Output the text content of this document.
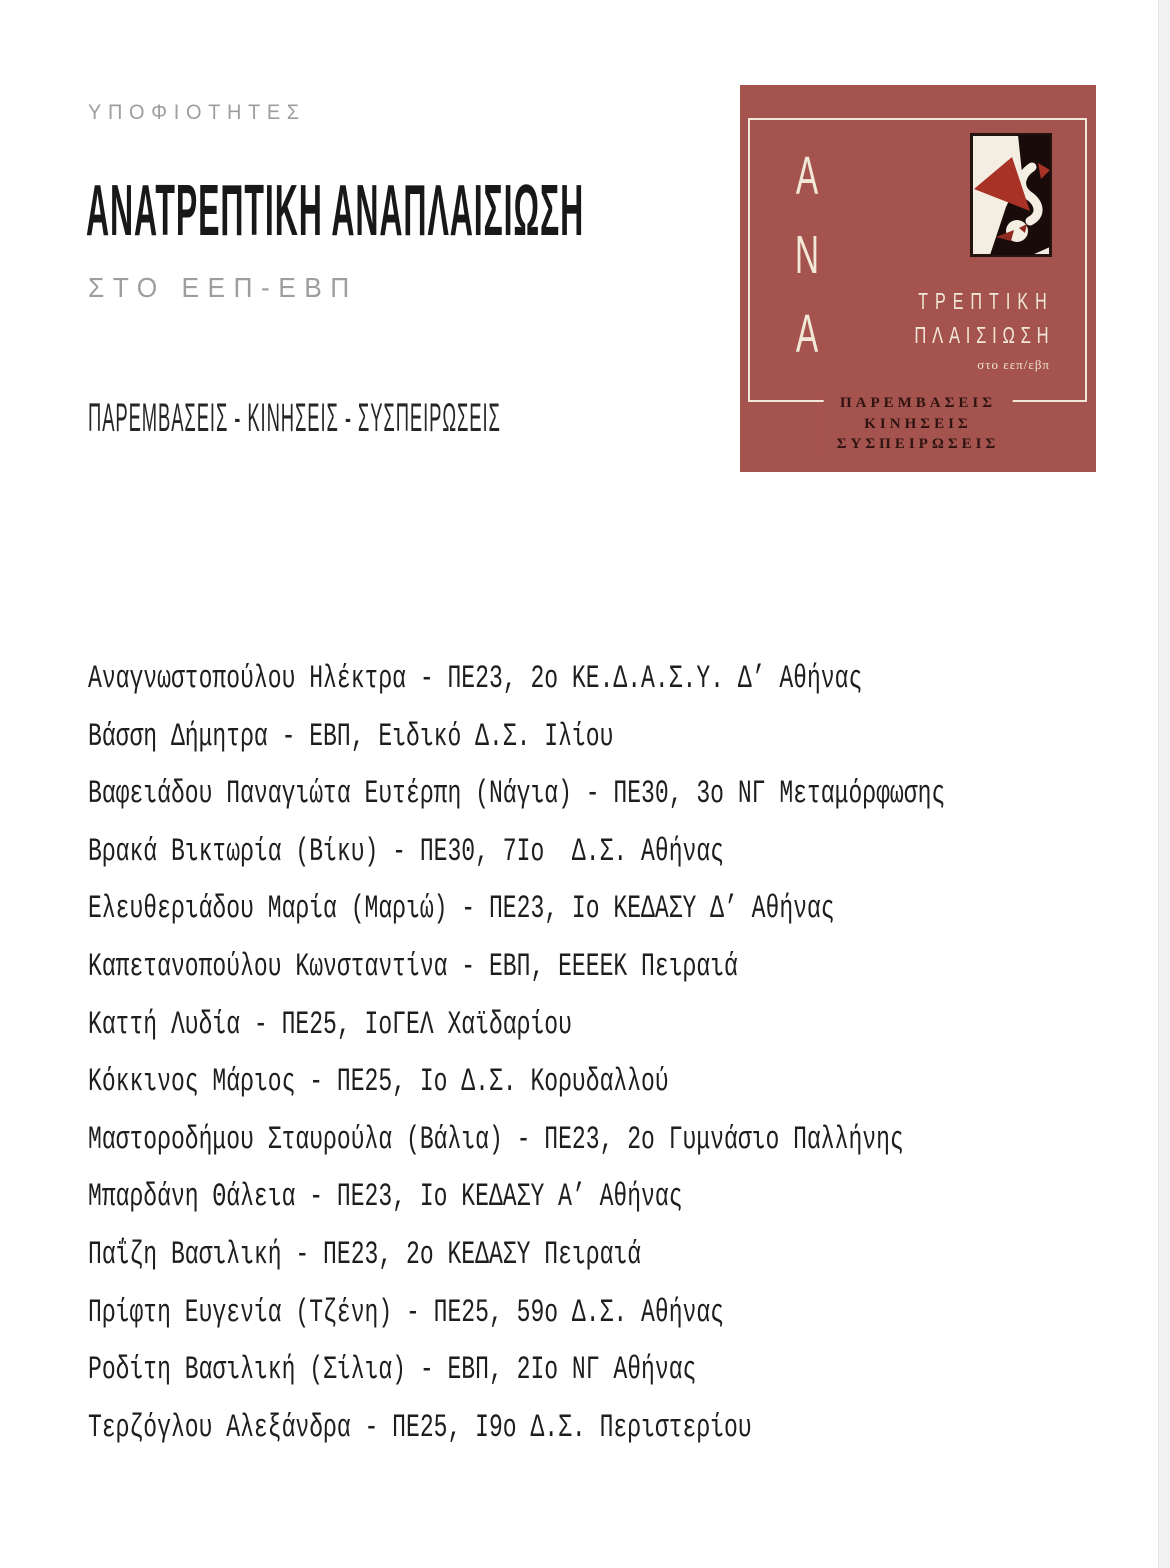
ΥΠΟΦΙΟΤΗΤΕΣ
ΑΝΑΤΡΕΠΤΙΚΗ ΑΝΑΠΛΑΙΣΙΩΣΗ
ΣΤΟ ΕΕΠ-ΕΒΠ
ΠΑΡΕΜΒΑΣΕΙΣ - ΚΙΝΗΣΕΙΣ - ΣΥΣΠΕΙΡΩΣΕΙΣ
Α
Ν
Α
ΤΡΕΠΤΙΚΗ
ΠΛΑΙΣΙΩΣΗ
στο εεπ/εβπ
ΠΑΡΕΜΒΑΣΕΙΣ
ΚΙΝΗΣΕΙΣ
ΣΥΣΠΕΙΡΩΣΕΙΣ
Αναγνωστοπούλου Ηλέκτρα - ΠΕ23, 2ο ΚΕ.Δ.Α.Σ.Υ. Δ’ Αθήνας
Βάσση Δήμητρα - ΕΒΠ, Ειδικό Δ.Σ. Ιλίου
Βαφειάδου Παναγιώτα Ευτέρπη (Νάγια) - ΠΕ30, 3ο ΝΓ Μεταμόρφωσης
Βρακά Βικτωρία (Βίκυ) - ΠΕ30, 7Ιο  Δ.Σ. Αθήνας
Ελευθεριάδου Μαρία (Μαριώ) - ΠΕ23, Ιο ΚΕΔΑΣΥ Δ’ Αθήνας
Καπετανοπούλου Κωνσταντίνα - ΕΒΠ, ΕΕΕΕΚ Πειραιά
Καττή Λυδία - ΠΕ25, ΙοΓΕΛ Χαϊδαρίου
Κόκκινος Μάριος - ΠΕ25, Ιο Δ.Σ. Κορυδαλλού
Μαστοροδήμου Σταυρούλα (Βάλια) - ΠΕ23, 2ο Γυμνάσιο Παλλήνης
Μπαρδάνη Θάλεια - ΠΕ23, Ιο ΚΕΔΑΣΥ Α’ Αθήνας
Παΐζη Βασιλική - ΠΕ23, 2ο ΚΕΔΑΣΥ Πειραιά
Πρίφτη Ευγενία (Τζένη) - ΠΕ25, 59ο Δ.Σ. Αθήνας
Ροδίτη Βασιλική (Σίλια) - ΕΒΠ, 2Ιο ΝΓ Αθήνας
Τερζόγλου Αλεξάνδρα - ΠΕ25, Ι9ο Δ.Σ. Περιστερίου
